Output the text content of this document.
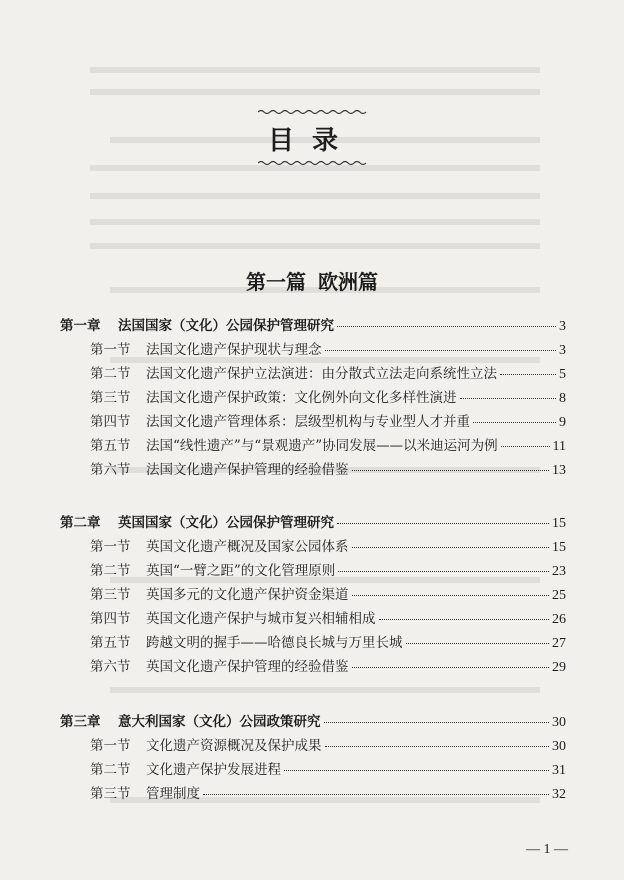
目录
第一篇 欧洲篇
第一章	法国国家（文化）公园保护管理研究	3
第一节	法国文化遗产保护现状与理念	3
第二节	法国文化遗产保护立法演进：由分散式立法走向系统性立法	5
第三节	法国文化遗产保护政策：文化例外向文化多样性演进	8
第四节	法国文化遗产管理体系：层级型机构与专业型人才并重	9
第五节	法国“线性遗产”与“景观遗产”协同发展——以米迪运河为例	11
第六节	法国文化遗产保护管理的经验借鉴	13
第二章	英国国家（文化）公园保护管理研究	15
第一节	英国文化遗产概况及国家公园体系	15
第二节	英国“一臂之距”的文化管理原则	23
第三节	英国多元的文化遗产保护资金渠道	25
第四节	英国文化遗产保护与城市复兴相辅相成	26
第五节	跨越文明的握手——哈德良长城与万里长城	27
第六节	英国文化遗产保护管理的经验借鉴	29
第三章	意大利国家（文化）公园政策研究	30
第一节	文化遗产资源概况及保护成果	30
第二节	文化遗产保护发展进程	31
第三节	管理制度	32
— 1 —
